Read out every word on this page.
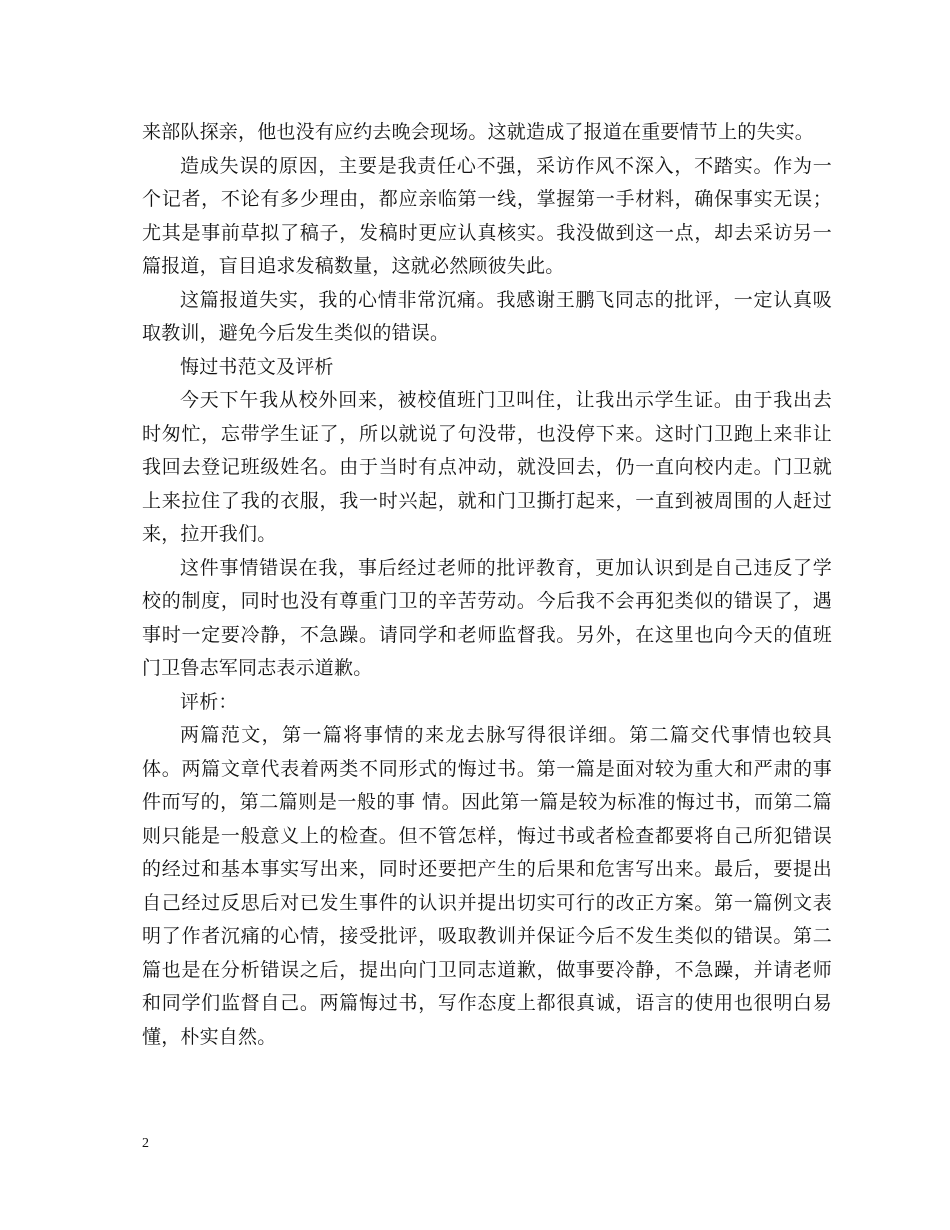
来部队探亲，他也没有应约去晚会现场。这就造成了报道在重要情节上的失实。

造成失误的原因，主要是我责任心不强，采访作风不深入，不踏实。作为一个记者，不论有多少理由，都应亲临第一线，掌握第一手材料，确保事实无误；尤其是事前草拟了稿子，发稿时更应认真核实。我没做到这一点，却去采访另一篇报道，盲目追求发稿数量，这就必然顾彼失此。

这篇报道失实，我的心情非常沉痛。我感谢王鹏飞同志的批评，一定认真吸取教训，避免今后发生类似的错误。

悔过书范文及评析

今天下午我从校外回来，被校值班门卫叫住，让我出示学生证。由于我出去时匆忙，忘带学生证了，所以就说了句没带，也没停下来。这时门卫跑上来非让我回去登记班级姓名。由于当时有点冲动，就没回去，仍一直向校内走。门卫就上来拉住了我的衣服，我一时兴起，就和门卫撕打起来，一直到被周围的人赶过来，拉开我们。

这件事情错误在我，事后经过老师的批评教育，更加认识到是自己违反了学校的制度，同时也没有尊重门卫的辛苦劳动。今后我不会再犯类似的错误了，遇事时一定要冷静，不急躁。请同学和老师监督我。另外，在这里也向今天的值班门卫鲁志军同志表示道歉。

评析：

两篇范文，第一篇将事情的来龙去脉写得很详细。第二篇交代事情也较具体。两篇文章代表着两类不同形式的悔过书。第一篇是面对较为重大和严肃的事件而写的，第二篇则是一般的事 情。因此第一篇是较为标准的悔过书，而第二篇则只能是一般意义上的检查。但不管怎样，悔过书或者检查都要将自己所犯错误的经过和基本事实写出来，同时还要把产生的后果和危害写出来。最后，要提出自己经过反思后对已发生事件的认识并提出切实可行的改正方案。第一篇例文表明了作者沉痛的心情，接受批评，吸取教训并保证今后不发生类似的错误。第二篇也是在分析错误之后，提出向门卫同志道歉，做事要冷静，不急躁，并请老师和同学们监督自己。两篇悔过书，写作态度上都很真诚，语言的使用也很明白易懂，朴实自然。

2
